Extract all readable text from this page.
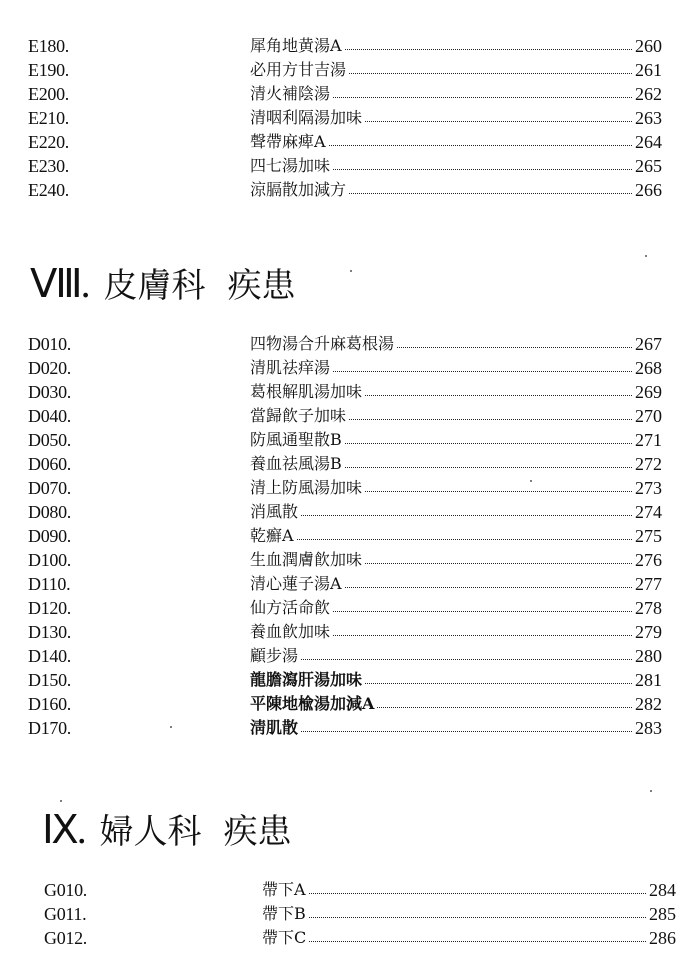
E180.	犀角地黄湯A	260
E190.	必用方甘吉湯	261
E200.	清火補陰湯	262
E210.	清咽利隔湯加味	263
E220.	聲帶麻痺A	264
E230.	四七湯加味	265
E240.	涼膈散加減方	266
Ⅷ. 皮膚科 疾患
D010.	四物湯合升麻葛根湯	267
D020.	清肌祛痒湯	268
D030.	葛根解肌湯加味	269
D040.	當歸飮子加味	270
D050.	防風通聖散B	271
D060.	養血祛風湯B	272
D070.	清上防風湯加味	273
D080.	消風散	274
D090.	乾癬A	275
D100.	生血潤膚飮加味	276
D110.	清心蓮子湯A	277
D120.	仙方活命飮	278
D130.	養血飮加味	279
D140.	顧步湯	280
D150.	龍膽瀉肝湯加味	281
D160.	平陳地楡湯加減A	282
D170.	淸肌散	283
Ⅸ. 婦人科 疾患
G010.	帶下A	284
G011.	帶下B	285
G012.	帶下C	286
